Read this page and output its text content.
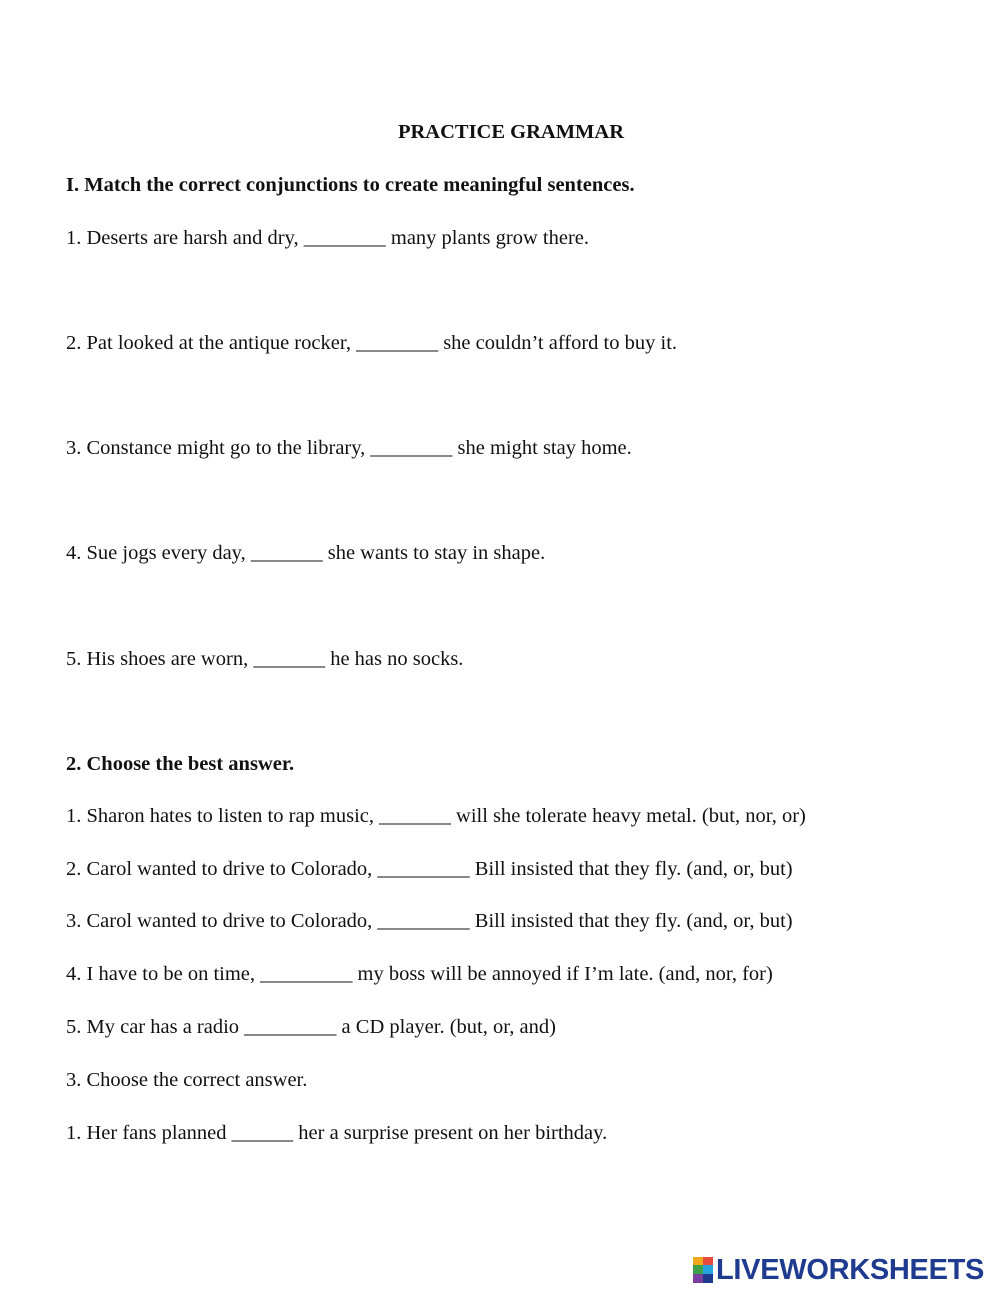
PRACTICE GRAMMAR
I. Match the correct conjunctions to create meaningful sentences.
1. Deserts are harsh and dry, ________ many plants grow there.
2. Pat looked at the antique rocker, ________ she couldn’t afford to buy it.
3. Constance might go to the library, ________ she might stay home.
4. Sue jogs every day, _______ she wants to stay in shape.
5. His shoes are worn, _______ he has no socks.
2. Choose the best answer.
1. Sharon hates to listen to rap music, _______ will she tolerate heavy metal. (but, nor, or)
2. Carol wanted to drive to Colorado, _________ Bill insisted that they fly. (and, or, but)
3. Carol wanted to drive to Colorado, _________ Bill insisted that they fly. (and, or, but)
4. I have to be on time, _________ my boss will be annoyed if I’m late. (and, nor, for)
5. My car has a radio _________ a CD player. (but, or, and)
3. Choose the correct answer.
1. Her fans planned ______ her a surprise present on her birthday.
LIVEWORKSHEETS
